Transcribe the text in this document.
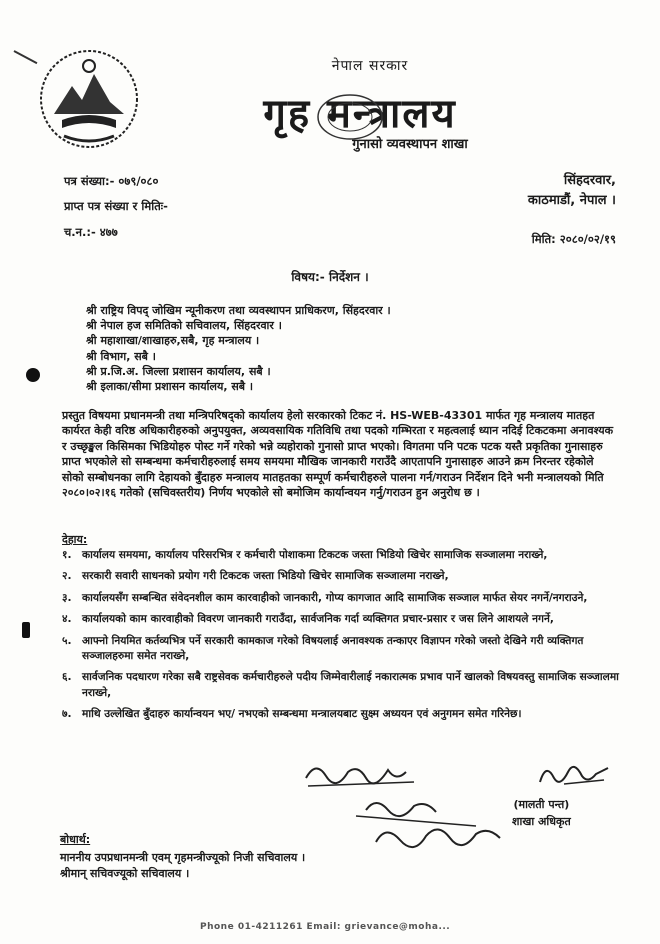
नेपाल सरकार
गृह मन्त्रालय
गुनासो व्यवस्थापन शाखा
पत्र संख्या:- ०७९/०८०
प्राप्त पत्र संख्या र मितिः-
च.न.:- ४७७
सिंहदरवार,
काठमाडौं, नेपाल ।
मिति: २०८०/०२/१९
विषय:- निर्देशन ।
श्री राष्ट्रिय विपद् जोखिम न्यूनीकरण तथा व्यवस्थापन प्राधिकरण, सिंहदरवार ।
श्री नेपाल हज समितिको सचिवालय, सिंहदरवार ।
श्री महाशाखा/शाखाहरु,सबै, गृह मन्त्रालय ।
श्री विभाग, सबै ।
श्री प्र.जि.अ. जिल्ला प्रशासन कार्यालय, सबै ।
श्री इलाका/सीमा प्रशासन कार्यालय, सबै ।
प्रस्तुत विषयमा प्रधानमन्त्री तथा मन्त्रिपरिषद्को कार्यालय हेलो सरकारको टिकट नं. HS-WEB-43301 मार्फत गृह मन्त्रालय मातहत कार्यरत केही वरिष्ठ अधिकारीहरुको अनुपयुक्त, अव्यवसायिक गतिविधि तथा पदको गम्भिरता र महत्वलाई ध्यान नदिई टिकटकमा अनावश्यक र उच्छृङ्खल किसिमका भिडियोहरु पोस्ट गर्ने गरेको भन्ने व्यहोराको गुनासो प्राप्त भएको। विगतमा पनि पटक पटक यस्तै प्रकृतिका गुनासाहरु प्राप्त भएकोले सो सम्बन्धमा कर्मचारीहरुलाई समय समयमा मौखिक जानकारी गराउँदै आएतापनि गुनासाहरु आउने क्रम निरन्तर रहेकोले सोको सम्बोधनका लागि देहायको बुँदाहरु मन्त्रालय मातहतका सम्पूर्ण कर्मचारीहरुले पालना गर्न/गराउन निर्देशन दिने भनी मन्त्रालयको मिति २०८०।०२।१६ गतेको (सचिवस्तरीय) निर्णय भएकोले सो बमोजिम कार्यान्वयन गर्नु/गराउन हुन अनुरोध छ ।
देहाय:
१. कार्यालय समयमा, कार्यालय परिसरभित्र र कर्मचारी पोशाकमा टिकटक जस्ता भिडियो खिचेर सामाजिक सञ्जालमा नराख्ने,
२. सरकारी सवारी साधनको प्रयोग गरी टिकटक जस्ता भिडियो खिचेर सामाजिक सञ्जालमा नराख्ने,
३. कार्यालयसँग सम्बन्धित संवेदनशील काम कारवाहीको जानकारी, गोप्य कागजात आदि सामाजिक सञ्जाल मार्फत सेयर नगर्ने/नगराउने,
४. कार्यालयको काम कारवाहीको विवरण जानकारी गराउँदा, सार्वजनिक गर्दा व्यक्तिगत प्रचार-प्रसार र जस लिने आशयले नगर्ने,
५. आफ्नो नियमित कर्तव्यभित्र पर्ने सरकारी कामकाज गरेको विषयलाई अनावश्यक तन्काएर विज्ञापन गरेको जस्तो देखिने गरी व्यक्तिगत सञ्जालहरुमा समेत नराख्ने,
६. सार्वजनिक पदधारण गरेका सबै राष्ट्रसेवक कर्मचारीहरुले पदीय जिम्मेवारीलाई नकारात्मक प्रभाव पार्ने खालको विषयवस्तु सामाजिक सञ्जालमा नराख्ने,
७. माथि उल्लेखित बुँदाहरु कार्यान्वयन भए/ नभएको सम्बन्धमा मन्त्रालयबाट सुक्ष्म अध्ययन एवं अनुगमन समेत गरिनेछ।
(मालती पन्त)
शाखा अधिकृत
बोधार्थ:
माननीय उपप्रधानमन्त्री एवम् गृहमन्त्रीज्यूको निजी सचिवालय ।
श्रीमान् सचिवज्यूको सचिवालय ।
Phone 01-4211261 Email: grievance@moha...
